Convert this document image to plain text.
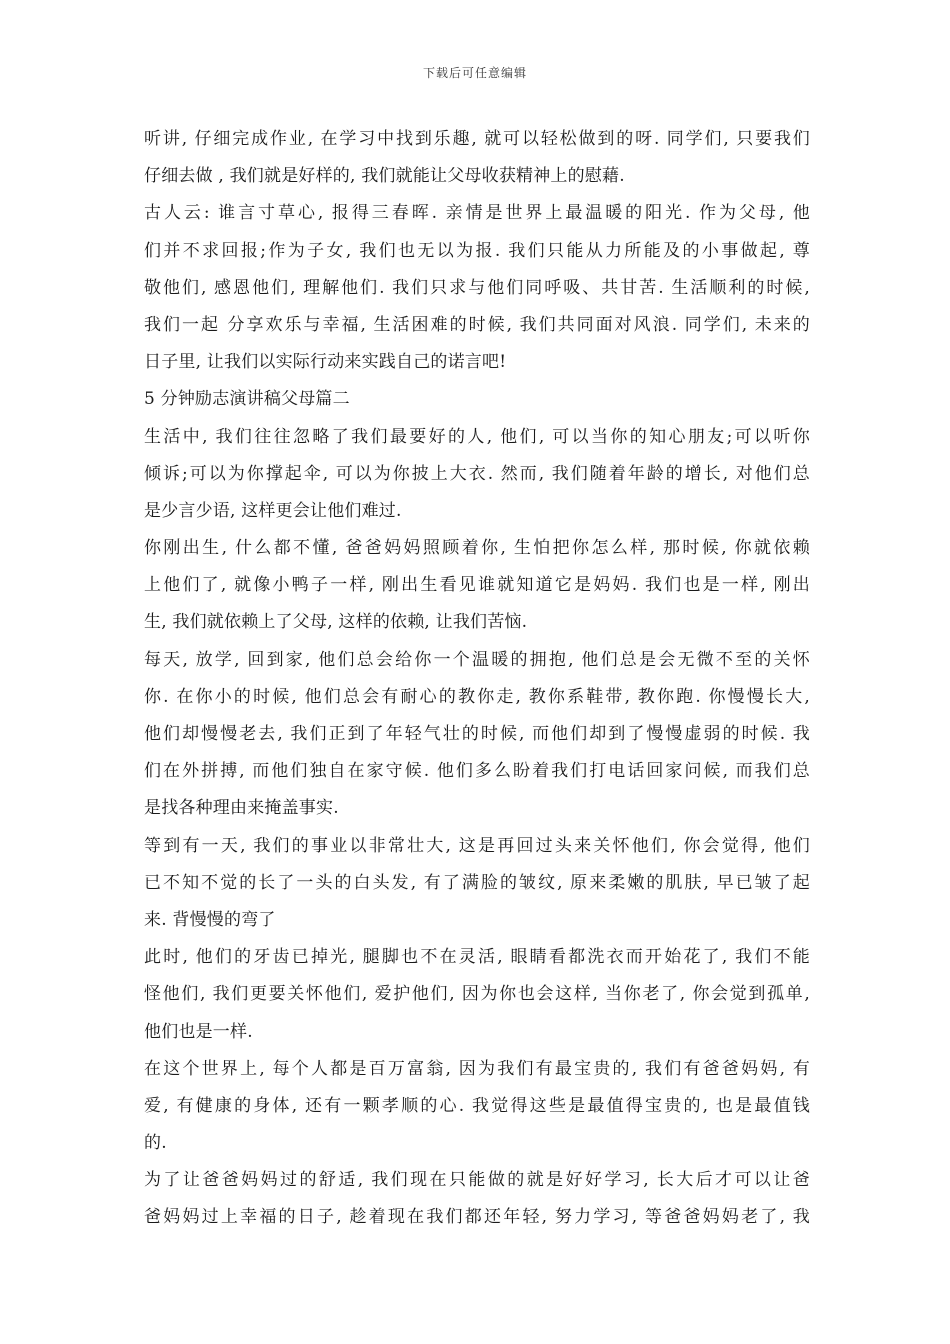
下载后可任意编辑
听讲, 仔细完成作业, 在学习中找到乐趣, 就可以轻松做到的呀. 同学们, 只要我们
仔细去做 , 我们就是好样的, 我们就能让父母收获精神上的慰藉.
古人云: 谁言寸草心, 报得三春晖. 亲情是世界上最温暖的阳光. 作为父母, 他
们并不求回报;作为子女, 我们也无以为报. 我们只能从力所能及的小事做起, 尊
敬他们, 感恩他们, 理解他们. 我们只求与他们同呼吸、共甘苦. 生活顺利的时候,
我们一起 分享欢乐与幸福, 生活困难的时候, 我们共同面对风浪. 同学们, 未来的
日子里, 让我们以实际行动来实践自己的诺言吧!
5 分钟励志演讲稿父母篇二
生活中, 我们往往忽略了我们最要好的人, 他们, 可以当你的知心朋友;可以听你
倾诉;可以为你撑起伞, 可以为你披上大衣. 然而, 我们随着年龄的增长, 对他们总
是少言少语, 这样更会让他们难过.
你刚出生, 什么都不懂, 爸爸妈妈照顾着你, 生怕把你怎么样, 那时候, 你就依赖
上他们了, 就像小鸭子一样, 刚出生看见谁就知道它是妈妈. 我们也是一样, 刚出
生, 我们就依赖上了父母, 这样的依赖, 让我们苦恼.
每天, 放学, 回到家, 他们总会给你一个温暖的拥抱, 他们总是会无微不至的关怀
你. 在你小的时候, 他们总会有耐心的教你走, 教你系鞋带, 教你跑. 你慢慢长大,
他们却慢慢老去, 我们正到了年轻气壮的时候, 而他们却到了慢慢虚弱的时候. 我
们在外拼搏, 而他们独自在家守候. 他们多么盼着我们打电话回家问候, 而我们总
是找各种理由来掩盖事实.
等到有一天, 我们的事业以非常壮大, 这是再回过头来关怀他们, 你会觉得, 他们
已不知不觉的长了一头的白头发, 有了满脸的皱纹, 原来柔嫩的肌肤, 早已皱了起
来. 背慢慢的弯了
此时, 他们的牙齿已掉光, 腿脚也不在灵活, 眼睛看都洗衣而开始花了, 我们不能
怪他们, 我们更要关怀他们, 爱护他们, 因为你也会这样, 当你老了, 你会觉到孤单,
他们也是一样.
在这个世界上, 每个人都是百万富翁, 因为我们有最宝贵的, 我们有爸爸妈妈, 有
爱, 有健康的身体, 还有一颗孝顺的心. 我觉得这些是最值得宝贵的, 也是最值钱
的.
为了让爸爸妈妈过的舒适, 我们现在只能做的就是好好学习, 长大后才可以让爸
爸妈妈过上幸福的日子, 趁着现在我们都还年轻, 努力学习, 等爸爸妈妈老了, 我
